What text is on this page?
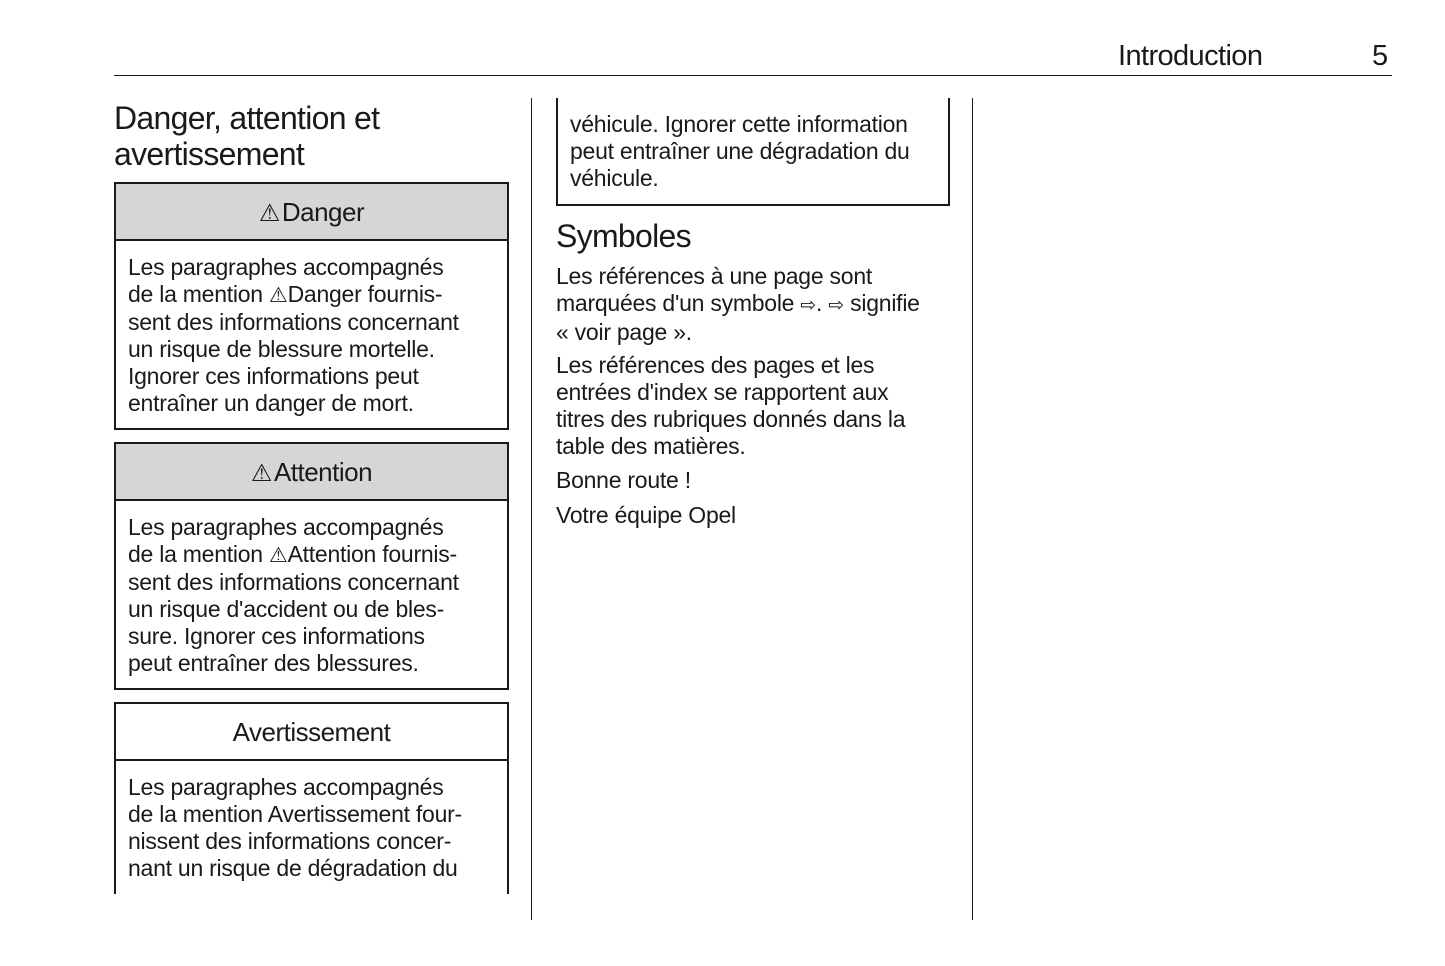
Introduction	5
Danger, attention et avertissement
⚠Danger
Les paragraphes accompagnés
de la mention ⚠Danger fournis-
sent des informations concernant
un risque de blessure mortelle.
Ignorer ces informations peut
entraîner un danger de mort.
⚠Attention
Les paragraphes accompagnés
de la mention ⚠Attention fournis-
sent des informations concernant
un risque d'accident ou de bles-
sure. Ignorer ces informations
peut entraîner des blessures.
Avertissement
Les paragraphes accompagnés
de la mention Avertissement four-
nissent des informations concer-
nant un risque de dégradation du
véhicule. Ignorer cette information
peut entraîner une dégradation du
véhicule.
Symboles
Les références à une page sont
marquées d'un symbole ⇨. ⇨ signifie
« voir page ».
Les références des pages et les
entrées d'index se rapportent aux
titres des rubriques donnés dans la
table des matières.
Bonne route !
Votre équipe Opel
